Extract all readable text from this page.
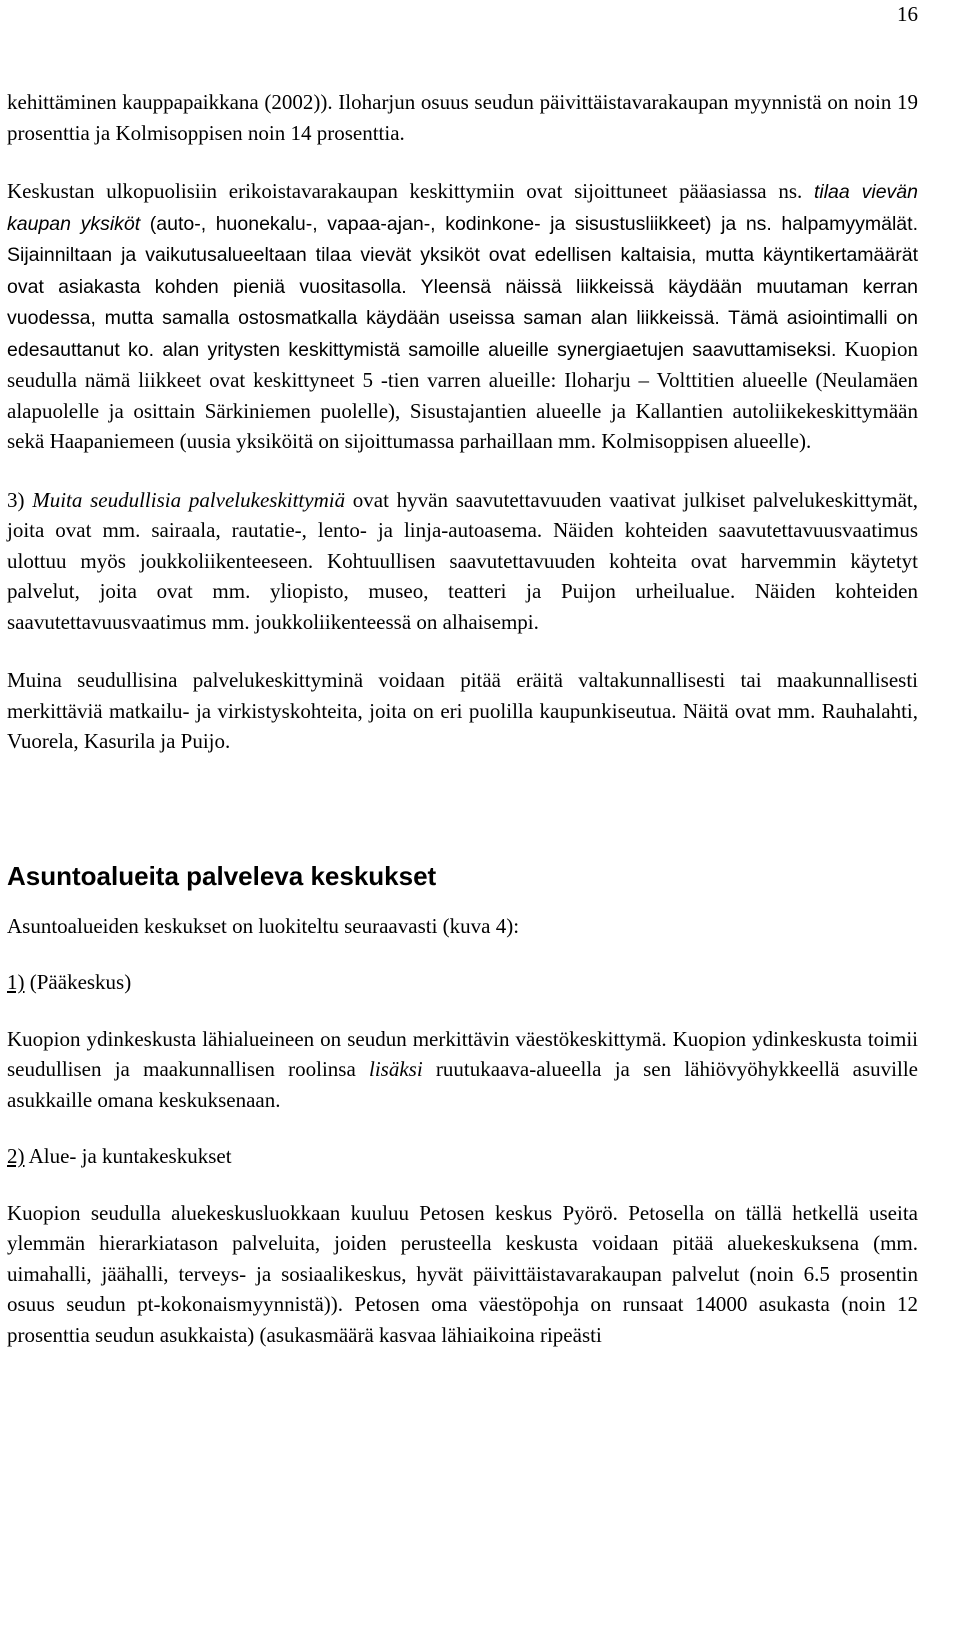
16

kehittäminen kauppapaikkana (2002)). Iloharjun osuus seudun päivittäistavarakaupan myynnistä on noin 19 prosenttia ja Kolmisoppisen noin 14 prosenttia.

Keskustan ulkopuolisiin erikoistavarakaupan keskittymiin ovat sijoittuneet pääasiassa ns. tilaa vievän kaupan yksiköt (auto-, huonekalu-, vapaa-ajan-, kodinkone- ja sisustusliikkeet) ja ns. halpamyymälät. Sijainniltaan ja vaikutusalueeltaan tilaa vievät yksiköt ovat edellisen kaltaisia, mutta käyntikertamäärät ovat asiakasta kohden pieniä vuositasolla. Yleensä näissä liikkeissä käydään muutaman kerran vuodessa, mutta samalla ostosmatkalla käydään useissa saman alan liikkeissä. Tämä asiointimalli on edesauttanut ko. alan yritysten keskittymistä samoille alueille synergiaetujen saavuttamiseksi. Kuopion seudulla nämä liikkeet ovat keskittyneet 5 -tien varren alueille: Iloharju – Volttitien alueelle (Neulamäen alapuolelle ja osittain Särkiniemen puolelle), Sisustajantien alueelle ja Kallantien autoliikekeskittymään sekä Haapaniemeen (uusia yksiköitä on sijoittumassa parhaillaan mm. Kolmisoppisen alueelle).

3) Muita seudullisia palvelukeskittymiä ovat hyvän saavutettavuuden vaativat julkiset palvelukeskittymät, joita ovat mm. sairaala, rautatie-, lento- ja linja-autoasema. Näiden kohteiden saavutettavuusvaatimus ulottuu myös joukkoliikenteeseen. Kohtuullisen saavutettavuuden kohteita ovat harvemmin käytetyt palvelut, joita ovat mm. yliopisto, museo, teatteri ja Puijon urheilualue. Näiden kohteiden saavutettavuusvaatimus mm. joukkoliikenteessä on alhaisempi.

Muina seudullisina palvelukeskittyminä voidaan pitää eräitä valtakunnallisesti tai maakunnallisesti merkittäviä matkailu- ja virkistyskohteita, joita on eri puolilla kaupunkiseutua. Näitä ovat mm. Rauhalahti, Vuorela, Kasurila ja Puijo.

Asuntoalueita palveleva keskukset

Asuntoalueiden keskukset on luokiteltu seuraavasti (kuva 4):

1) (Pääkeskus)

Kuopion ydinkeskusta lähialueineen on seudun merkittävin väestökeskittymä. Kuopion ydinkeskusta toimii seudullisen ja maakunnallisen roolinsa lisäksi ruutukaava-alueella ja sen lähiövyöhykkeellä asuville asukkaille omana keskuksenaan.

2) Alue- ja kuntakeskukset

Kuopion seudulla aluekeskusluokkaan kuuluu Petosen keskus Pyörö. Petosella on tällä hetkellä useita ylemmän hierarkiatason palveluita, joiden perusteella keskusta voidaan pitää aluekeskuksena (mm. uimahalli, jäähalli, terveys- ja sosiaalikeskus, hyvät päivittäistavarakaupan palvelut (noin 6.5 prosentin osuus seudun pt-kokonaismyynnistä)). Petosen oma väestöpohja on runsaat 14000 asukasta (noin 12 prosenttia seudun asukkaista) (asukasmäärä kasvaa lähiaikoina ripeästi
